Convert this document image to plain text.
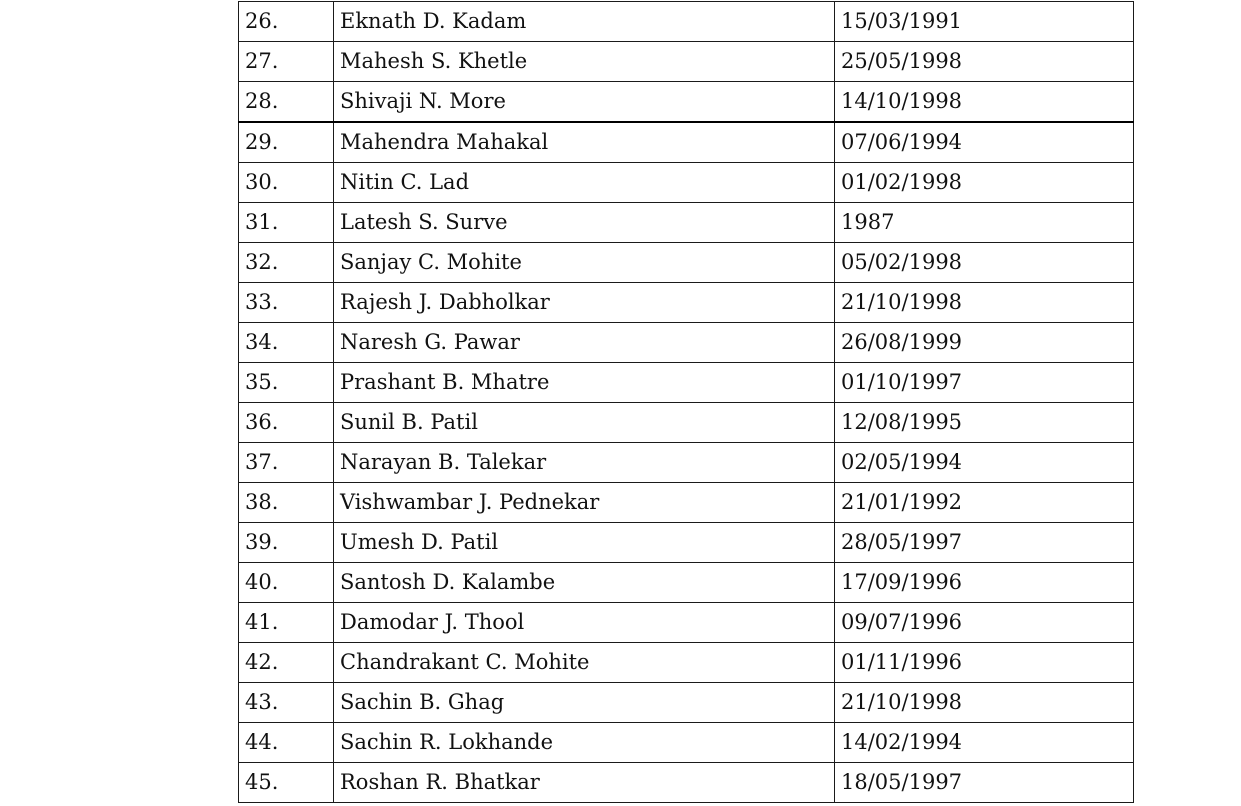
26.	Eknath D. Kadam	15/03/1991
27.	Mahesh S. Khetle	25/05/1998
28.	Shivaji N. More	14/10/1998
29.	Mahendra Mahakal	07/06/1994
30.	Nitin C. Lad	01/02/1998
31.	Latesh S. Surve	1987
32.	Sanjay C. Mohite	05/02/1998
33.	Rajesh J. Dabholkar	21/10/1998
34.	Naresh G. Pawar	26/08/1999
35.	Prashant B. Mhatre	01/10/1997
36.	Sunil B. Patil	12/08/1995
37.	Narayan B. Talekar	02/05/1994
38.	Vishwambar J. Pednekar	21/01/1992
39.	Umesh D. Patil	28/05/1997
40.	Santosh D. Kalambe	17/09/1996
41.	Damodar J. Thool	09/07/1996
42.	Chandrakant C. Mohite	01/11/1996
43.	Sachin B. Ghag	21/10/1998
44.	Sachin R. Lokhande	14/02/1994
45.	Roshan R. Bhatkar	18/05/1997
